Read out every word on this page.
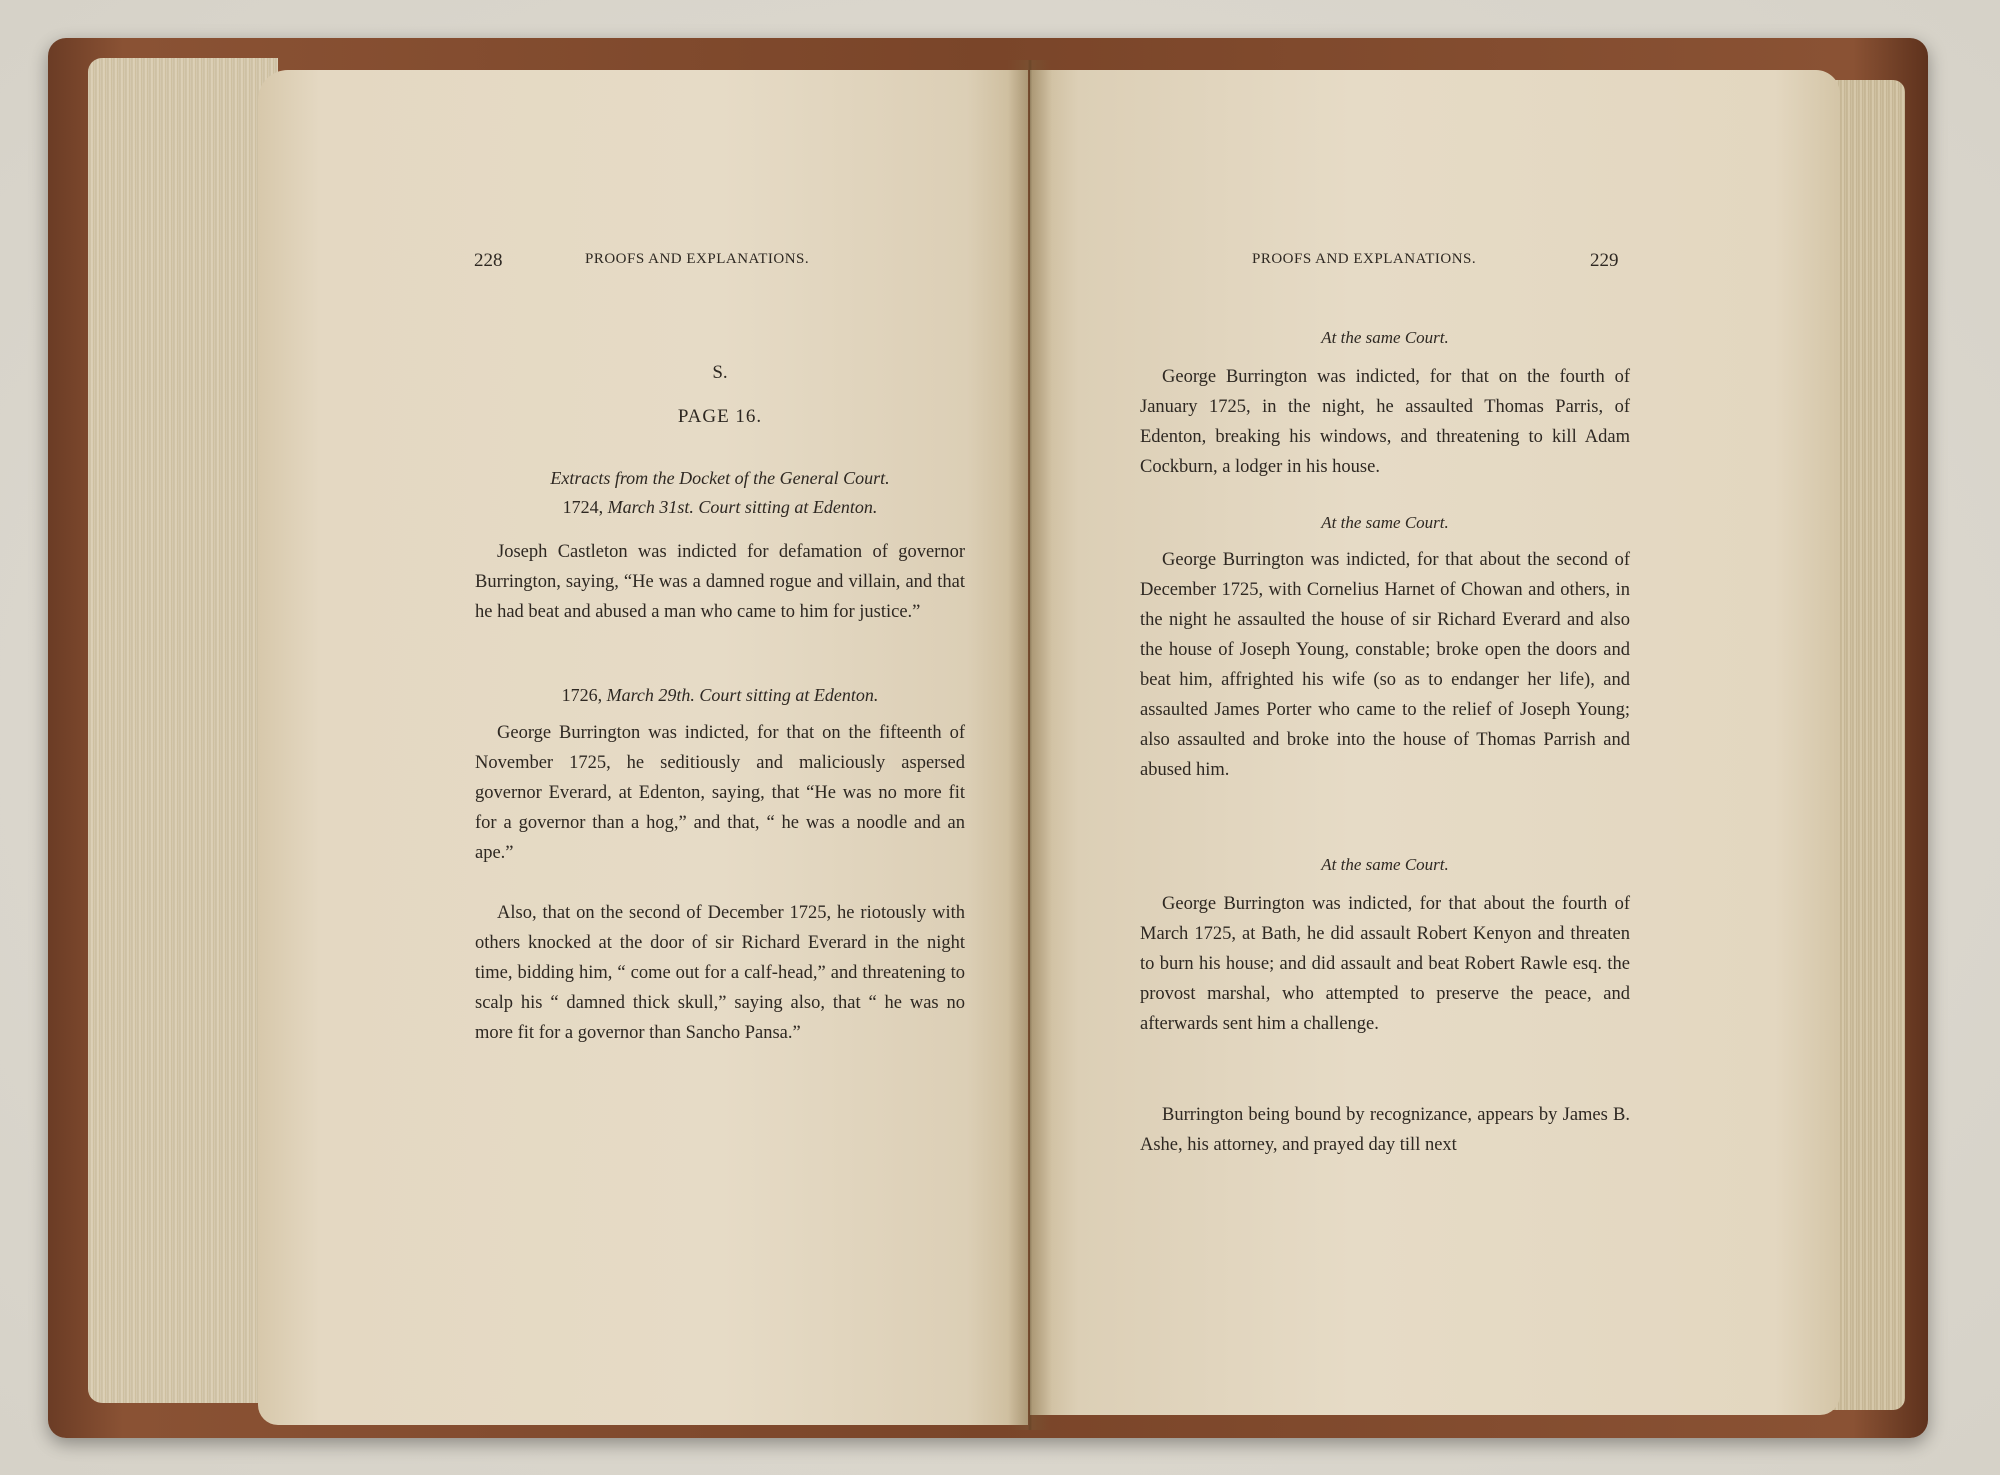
228	PROOFS AND EXPLANATIONS.
S.
PAGE 16.
Extracts from the Docket of the General Court.
1724, March 31st. Court sitting at Edenton.
Joseph Castleton was indicted for defamation of governor Burrington, saying, “He was a damned rogue and villain, and that he had beat and abused a man who came to him for justice.”
1726, March 29th. Court sitting at Edenton.
George Burrington was indicted, for that on the fifteenth of November 1725, he seditiously and maliciously aspersed governor Everard, at Edenton, saying, that “He was no more fit for a governor than a hog,” and that, “ he was a noodle and an ape.”
Also, that on the second of December 1725, he riotously with others knocked at the door of sir Richard Everard in the night time, bidding him, “ come out for a calf-head,” and threatening to scalp his “ damned thick skull,” saying also, that “ he was no more fit for a governor than Sancho Pansa.”
PROOFS AND EXPLANATIONS.	229
At the same Court.
George Burrington was indicted, for that on the fourth of January 1725, in the night, he assaulted Thomas Parris, of Edenton, breaking his windows, and threatening to kill Adam Cockburn, a lodger in his house.
At the same Court.
George Burrington was indicted, for that about the second of December 1725, with Cornelius Harnet of Chowan and others, in the night he assaulted the house of sir Richard Everard and also the house of Joseph Young, constable; broke open the doors and beat him, affrighted his wife (so as to endanger her life), and assaulted James Porter who came to the relief of Joseph Young; also assaulted and broke into the house of Thomas Parrish and abused him.
At the same Court.
George Burrington was indicted, for that about the fourth of March 1725, at Bath, he did assault Robert Kenyon and threaten to burn his house; and did assault and beat Robert Rawle esq. the provost marshal, who attempted to preserve the peace, and afterwards sent him a challenge.
Burrington being bound by recognizance, appears by James B. Ashe, his attorney, and prayed day till next
